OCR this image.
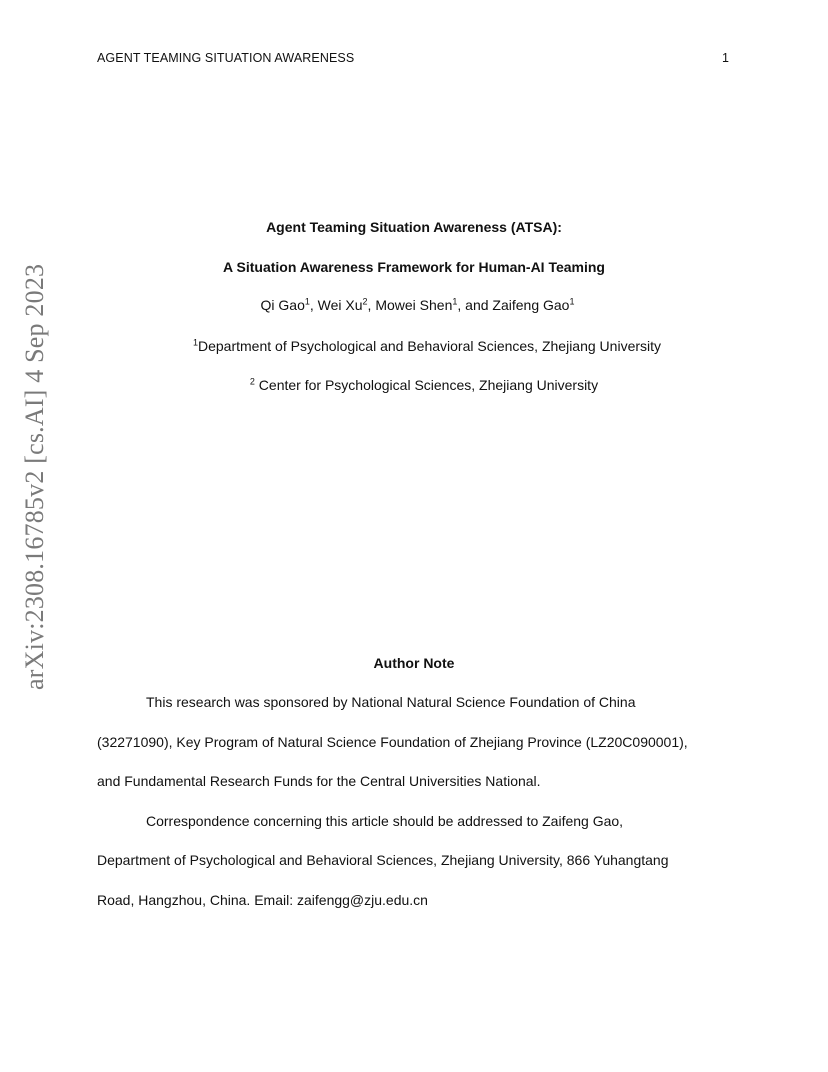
AGENT TEAMING SITUATION AWARENESS	1
arXiv:2308.16785v2 [cs.AI] 4 Sep 2023
Agent Teaming Situation Awareness (ATSA):
A Situation Awareness Framework for Human-AI Teaming
Qi Gao$^1$, Wei Xu$^2$, Mowei Shen$^1$, and Zaifeng Gao$^1$
$^1$Department of Psychological and Behavioral Sciences, Zhejiang University
$^2$ Center for Psychological Sciences, Zhejiang University
Author Note
This research was sponsored by National Natural Science Foundation of China
(32271090), Key Program of Natural Science Foundation of Zhejiang Province (LZ20C090001),
and Fundamental Research Funds for the Central Universities National.
Correspondence concerning this article should be addressed to Zaifeng Gao,
Department of Psychological and Behavioral Sciences, Zhejiang University, 866 Yuhangtang
Road, Hangzhou, China. Email: zaifengg@zju.edu.cn
